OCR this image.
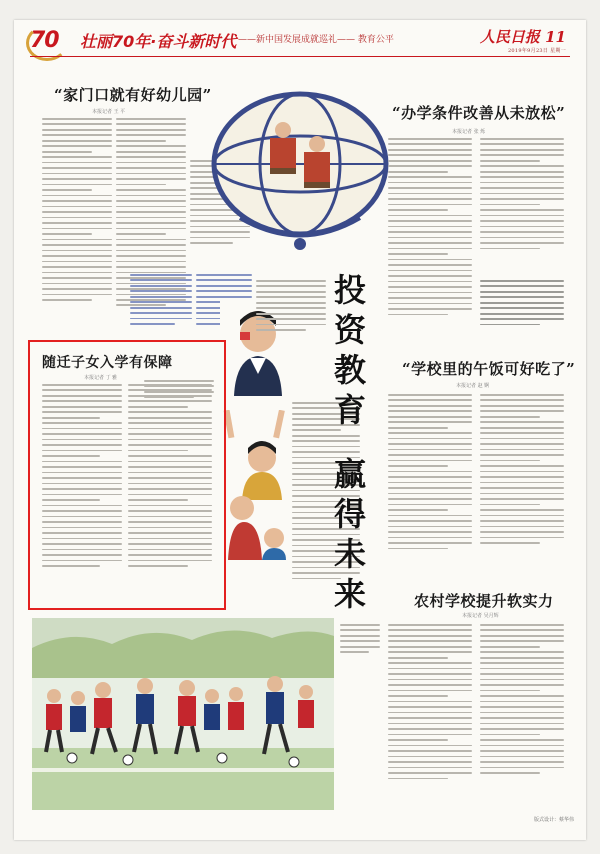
70 壮丽70年·奋斗新时代 ——新中国发展成就巡礼—— 教育公平	人民日报 11
2019年9月23日 星期一
“家门口就有好幼儿园”
本报记者 王 平
随迁子女入学有保障
本报记者 丁 雅
投
资
教
育
赢
得
未
来
“办学条件改善从未放松”
本报记者 张 烁
“学校里的午饭可好吃了”
本报记者 赵 婀
农村学校提升软实力
本报记者 吴月辉
版式设计：蔡华伟
